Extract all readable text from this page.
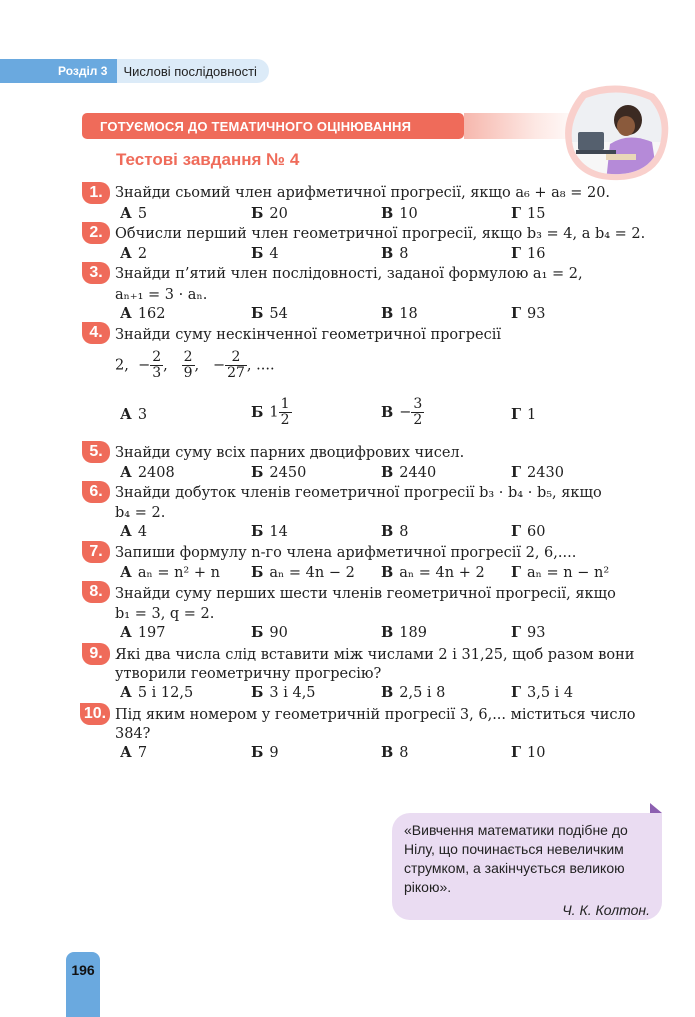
Розділ 3	Числові послідовності
ГОТУЄМОСЯ ДО ТЕМАТИЧНОГО ОЦІНЮВАННЯ
Тестові завдання № 4
1. Знайди сьомий член арифметичної прогресії, якщо a₆ + a₈ = 20.
А 5	Б 20	В 10	Г 15
2. Обчисли перший член геометричної прогресії, якщо b₃ = 4, а b₄ = 2.
А 2	Б 4	В 8	Г 16
3. Знайди п’ятий член послідовності, заданої формулою a₁ = 2,
aₙ₊₁ = 3 · aₙ.
А 162	Б 54	В 18	Г 93
4. Знайди суму нескінченної геометричної прогресії
2, − $\frac{2}{3}$ , $\frac{2}{9}$ ,   − $\frac{2}{27}$ , ....
А 3	Б $1 \frac{1}{2}$	$В - \frac{3}{2}$	Г 1
5. Знайди суму всіх парних двоцифрових чисел.
А 2408	Б 2450	В 2440	Г 2430
6. Знайди добуток членів геометричної прогресії b₃ · b₄ · b₅, якщо
b₄ = 2.
А 4	Б 14	В 8	Г 60
7. Запиши формулу n-го члена арифметичної прогресії 2, 6,....
А aₙ = n² + n Б aₙ = 4n − 2 В aₙ = 4n + 2 Г aₙ = n − n²
8. Знайди суму перших шести членів геометричної прогресії, якщо
b₁ = 3, q = 2.
А 197	Б 90	В 189	Г 93
9. Які два числа слід вставити між числами 2 і 31,25, щоб разом вони
утворили геометричну прогресію?
А 5 і 12,5	Б 3 і 4,5	В 2,5 і 8	Г 3,5 і 4
10. Під яким номером у геометричній прогресії 3, 6,... міститься число
384?
А 7	Б 9	В 8	Г 10
«Вивчення математики подібне до
Нілу, що починається невеличким
струмком, а закінчується великою
рікою».
Ч. К. Колтон.
196
